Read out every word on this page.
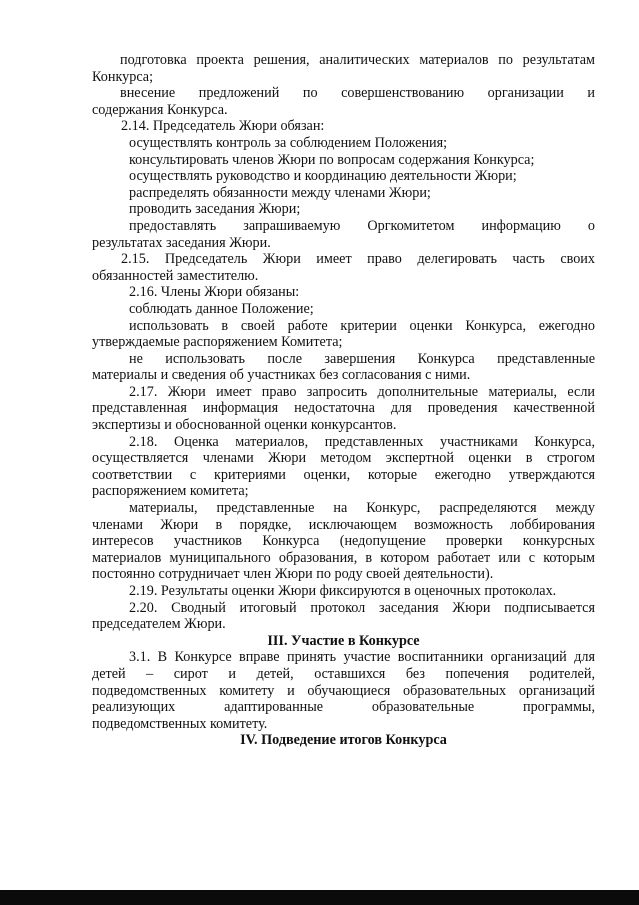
подготовка проекта решения, аналитических материалов по результатам

Конкурса;

внесение предложений по совершенствованию организации и

содержания Конкурса.

2.14. Председатель Жюри обязан:

осуществлять контроль за соблюдением Положения;

консультировать членов Жюри по вопросам содержания Конкурса;

осуществлять руководство и координацию деятельности Жюри;

распределять обязанности между членами Жюри;

проводить заседания Жюри;

предоставлять запрашиваемую Оргкомитетом информацию о

результатах заседания Жюри.

2.15. Председатель Жюри имеет право делегировать часть своих

обязанностей заместителю.

2.16. Члены Жюри обязаны:

соблюдать данное Положение;

использовать в своей работе критерии оценки Конкурса, ежегодно

утверждаемые распоряжением Комитета;

не использовать после завершения Конкурса представленные

материалы и сведения об участниках без согласования с ними.

2.17. Жюри имеет право запросить дополнительные материалы, если

представленная информация недостаточна для проведения качественной

экспертизы и обоснованной оценки конкурсантов.

2.18. Оценка материалов, представленных участниками Конкурса,

осуществляется членами Жюри методом экспертной оценки в строгом

соответствии с критериями оценки, которые ежегодно утверждаются

распоряжением комитета;

материалы, представленные на Конкурс, распределяются между

членами Жюри в порядке, исключающем возможность лоббирования

интересов участников Конкурса (недопущение проверки конкурсных

материалов муниципального образования, в котором работает или с которым

постоянно сотрудничает член Жюри по роду своей деятельности).

2.19. Результаты оценки Жюри фиксируются в оценочных протоколах.

2.20. Сводный итоговый протокол заседания Жюри подписывается

председателем Жюри.

III. Участие в Конкурсе

3.1. В Конкурсе вправе принять участие воспитанники организаций для

детей – сирот и детей, оставшихся без попечения родителей,

подведомственных комитету и обучающиеся образовательных организаций

реализующих адаптированные образовательные программы,

подведомственных комитету.

IV. Подведение итогов Конкурса
